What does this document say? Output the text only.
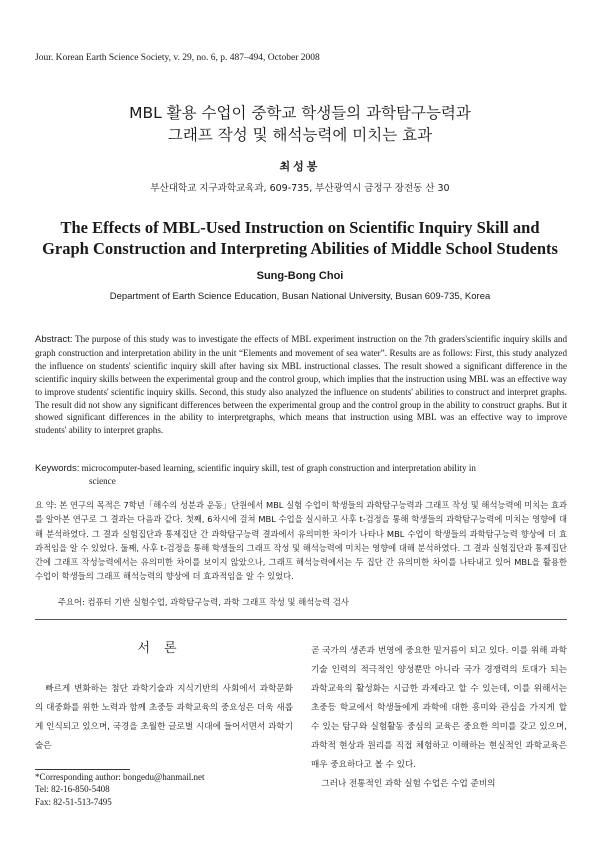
Jour. Korean Earth Science Society, v. 29, no. 6, p. 487–494, October 2008
MBL 활용 수업이 중학교 학생들의 과학탐구능력과
그래프 작성 및 해석능력에 미치는 효과
최성봉
부산대학교 지구과학교육과, 609-735, 부산광역시 금정구 장전동 산 30
The Effects of MBL-Used Instruction on Scientific Inquiry Skill and
Graph Construction and Interpreting Abilities of Middle School Students
Sung-Bong Choi
Department of Earth Science Education, Busan National University, Busan 609-735, Korea
Abstract: The purpose of this study was to investigate the effects of MBL experiment instruction on the 7th graders'scientific inquiry skills and graph construction and interpretation ability in the unit “Elements and movement of sea water”. Results are as follows: First, this study analyzed the influence on students' scientific inquiry skill after having six MBL instructional classes. The result showed a significant difference in the scientific inquiry skills between the experimental group and the control group, which implies that the instruction using MBL was an effective way to improve students' scientific inquiry skills. Second, this study also analyzed the influence on students' abilities to construct and interpret graphs. The result did not show any significant differences between the experimental group and the control group in the ability to construct graphs. But it showed significant differences in the ability to interpretgraphs, which means that instruction using MBL was an effective way to improve students' ability to interpret graphs.
Keywords: microcomputer-based learning, scientific inquiry skill, test of graph construction and interpretation ability in
science
요 약: 본 연구의 목적은 7학년「해수의 성분과 운동」단원에서 MBL 실험 수업이 학생들의 과학탐구능력과 그래프 작성 및 해석능력에 미치는 효과를 알아본 연구로 그 결과는 다음과 같다. 첫째, 6차시에 걸쳐 MBL 수업을 실시하고 사후 t-검정을 통해 학생들의 과학탐구능력에 미치는 영향에 대해 분석하였다. 그 결과 실험집단과 통제집단 간 과학탐구능력 결과에서 유의미한 차이가 나타나 MBL 수업이 학생들의 과학탐구능력 향상에 더 효과적임을 알 수 있었다. 둘째, 사후 t-검정을 통해 학생들의 그래프 작성 및 해석능력에 미치는 영향에 대해 분석하였다. 그 결과 실험집단과 통제집단 간에 그래프 작성능력에서는 유의미한 차이를 보이지 않았으나, 그래프 해석능력에서는 두 집단 간 유의미한 차이를 나타내고 있어 MBL을 활용한 수업이 학생들의 그래프 해석능력의 향상에 더 효과적임을 알 수 있었다.
주요어: 컴퓨터 기반 실험수업, 과학탐구능력, 과학 그래프 작성 및 해석능력 검사
서론

빠르게 변화하는 첨단 과학기술과 지식기반의 사회에서 과학문화의 대중화를 위한 노력과 함께 초중등 과학교육의 중요성은 더욱 새롭게 인식되고 있으며, 국경을 초월한 글로벌 시대에 들어서면서 과학기술은

곧 국가의 생존과 번영에 중요한 밑거름이 되고 있다. 이를 위해 과학기술 인력의 적극적인 양성뿐만 아니라 국가 경쟁력의 토대가 되는 과학교육의 활성화는 시급한 과제라고 할 수 있는데, 이를 위해서는 초중등 학교에서 학생들에게 과학에 대한 흥미와 관심을 가지게 할 수 있는 탐구와 실험활동 중심의 교육은 중요한 의미를 갖고 있으며, 과학적 현상과 원리를 직접 체험하고 이해하는 현실적인 과학교육은 매우 중요하다고 볼 수 있다.

그러나 전통적인 과학 실험 수업은 수업 준비의

*Corresponding author: bongedu@hanmail.net
Tel: 82-16-850-5408
Fax: 82-51-513-7495
